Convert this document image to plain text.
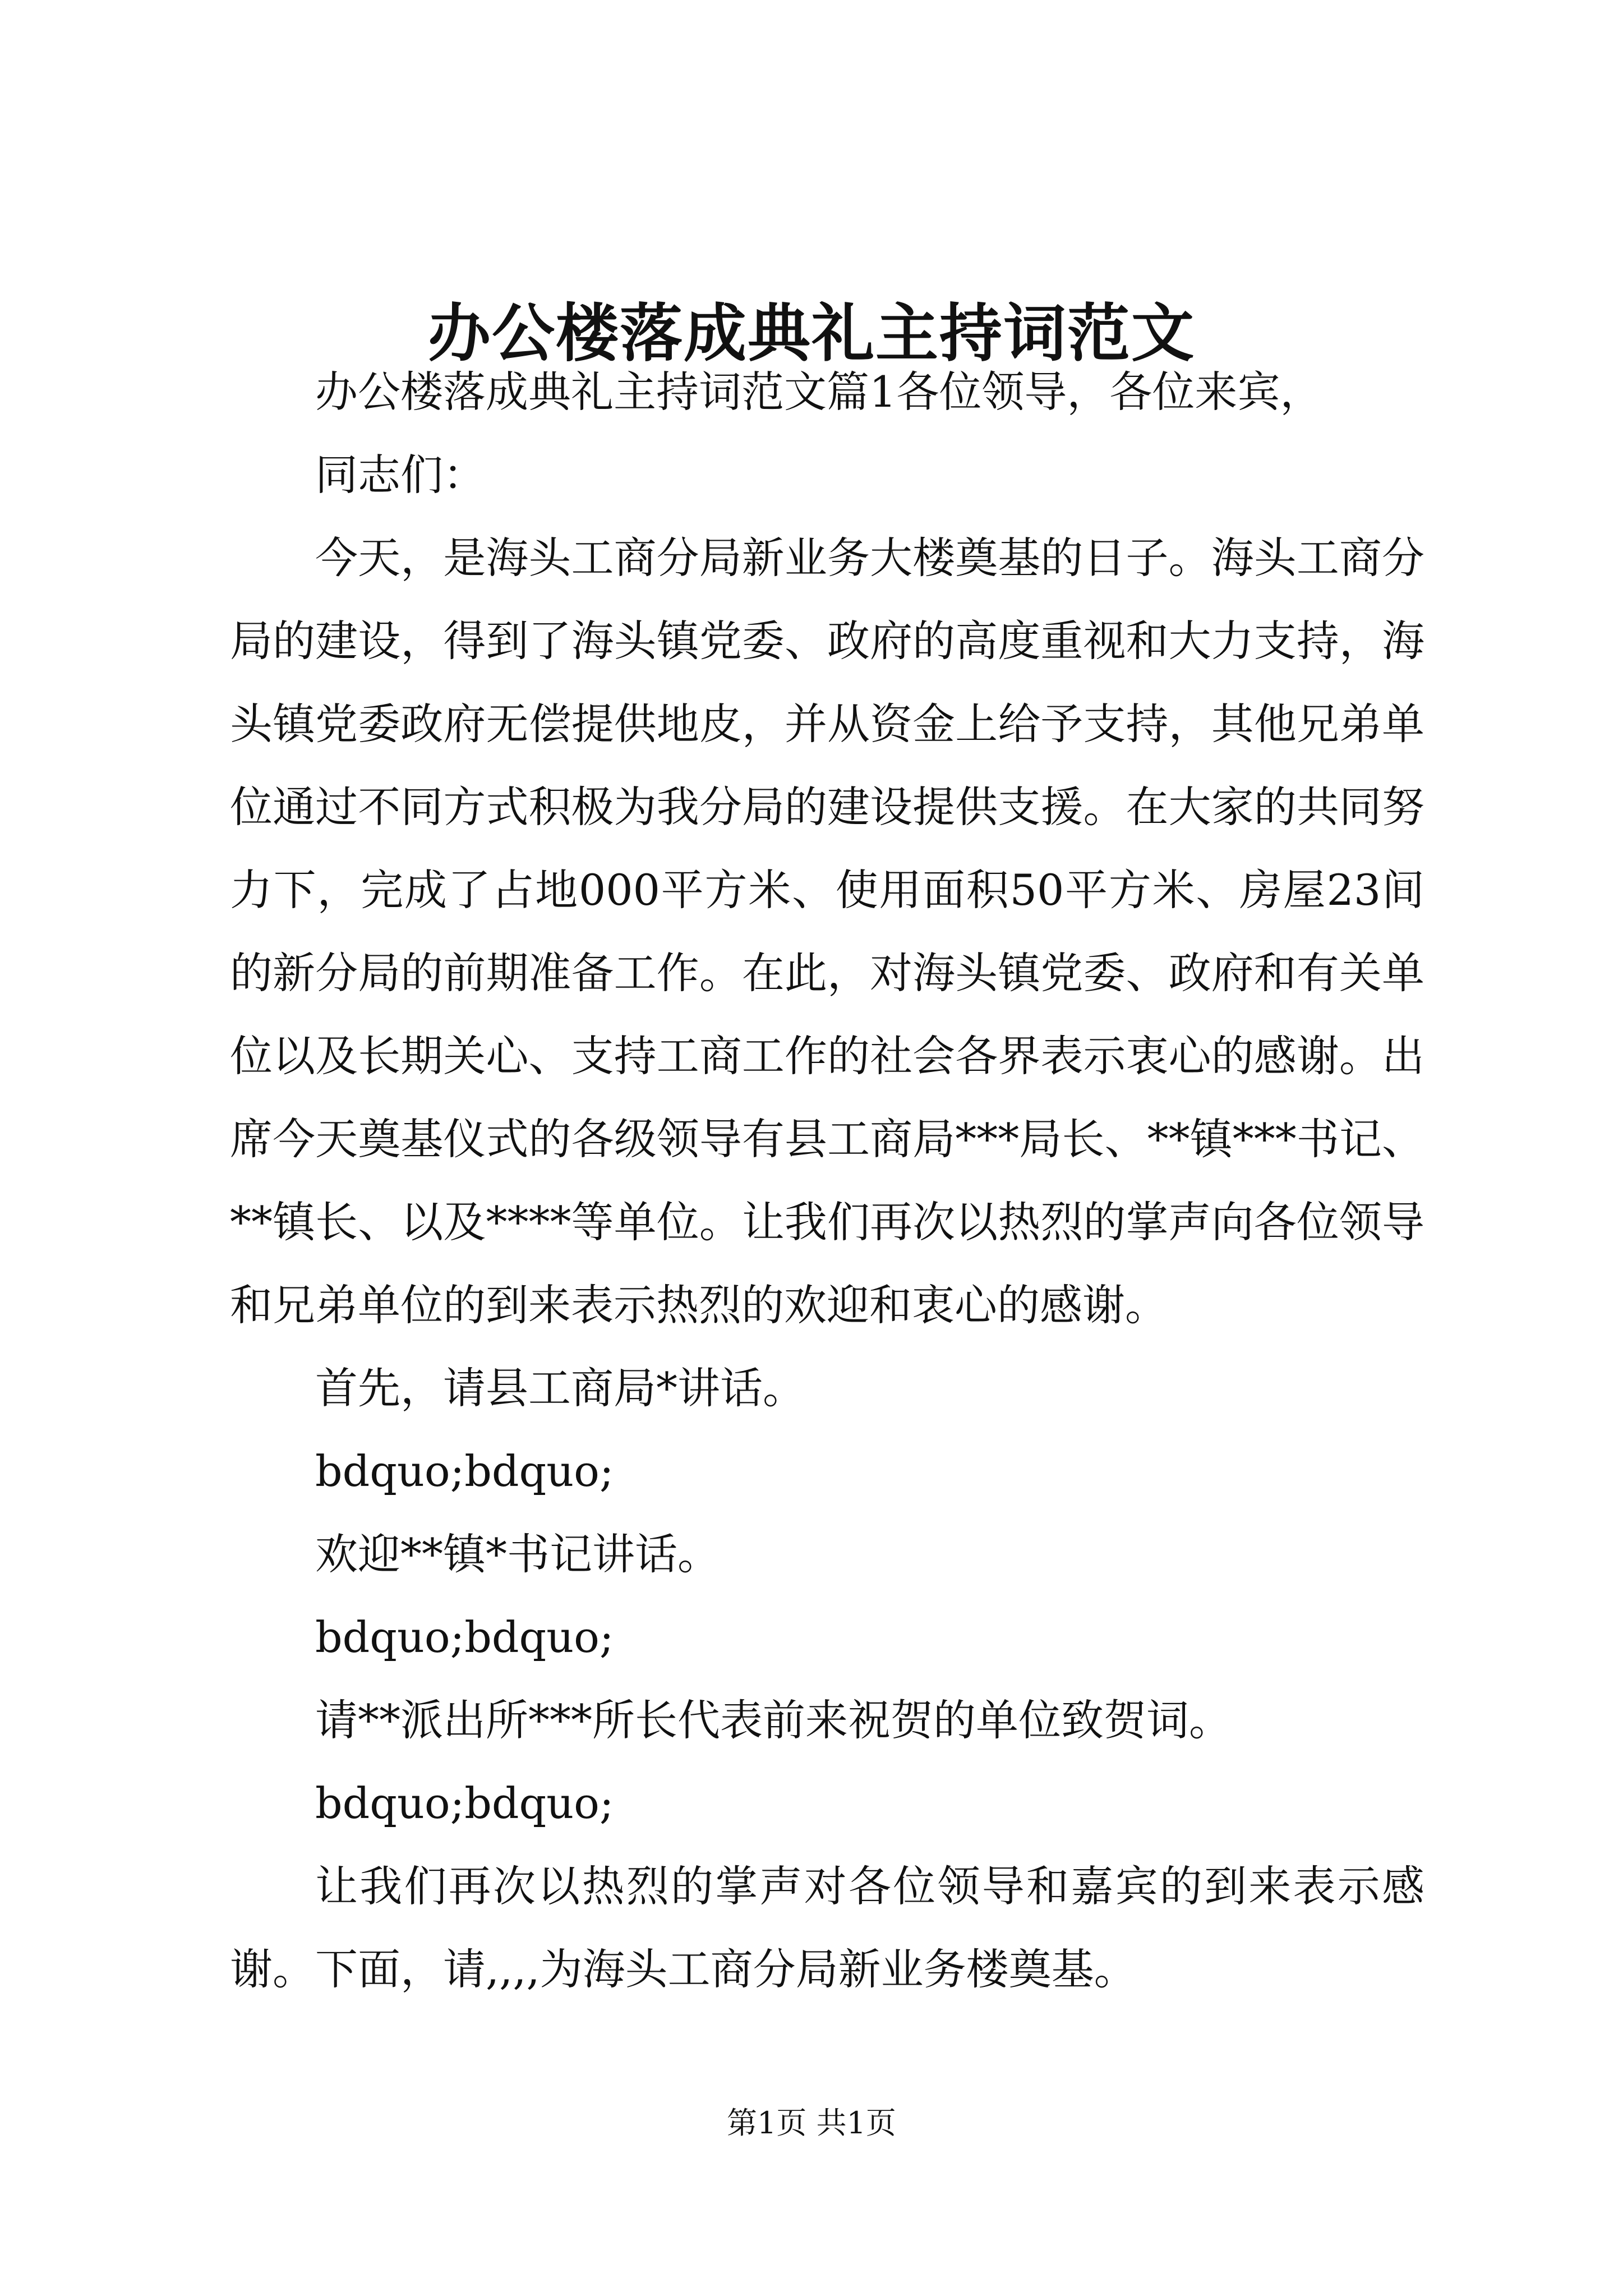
办公楼落成典礼主持词范文

办公楼落成典礼主持词范文篇1各位领导，各位来宾，

同志们：

今天，是海头工商分局新业务大楼奠基的日子。海头工商分局的建设，得到了海头镇党委、政府的高度重视和大力支持，海头镇党委政府无偿提供地皮，并从资金上给予支持，其他兄弟单位通过不同方式积极为我分局的建设提供支援。在大家的共同努力下，完成了占地000平方米、使用面积50平方米、房屋23间的新分局的前期准备工作。在此，对海头镇党委、政府和有关单位以及长期关心、支持工商工作的社会各界表示衷心的感谢。出席今天奠基仪式的各级领导有县工商局***局长、**镇***书记、**镇长、以及****等单位。让我们再次以热烈的掌声向各位领导和兄弟单位的到来表示热烈的欢迎和衷心的感谢。

首先，请县工商局*讲话。

bdquo;bdquo;

欢迎**镇*书记讲话。

bdquo;bdquo;

请**派出所***所长代表前来祝贺的单位致贺词。

bdquo;bdquo;

让我们再次以热烈的掌声对各位领导和嘉宾的到来表示感谢。下面，请,,,,为海头工商分局新业务楼奠基。

第1页 共1页
